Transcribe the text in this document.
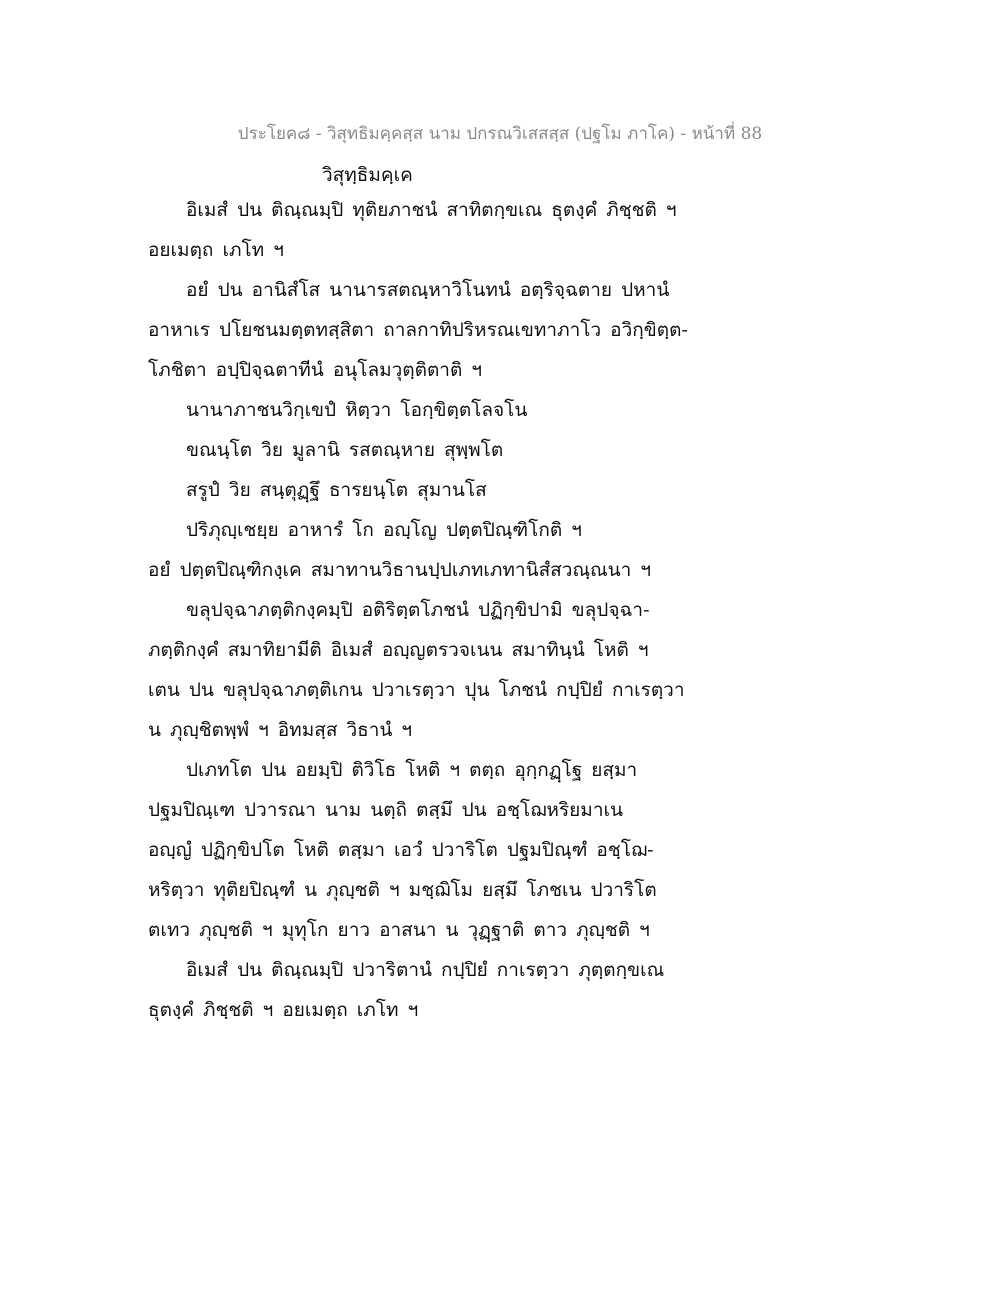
ประโยค๘ - วิสุทธิมคฺคสฺส นาม ปกรณวิเสสสฺส (ปฐโม ภาโค) - หน้าที่ 88
วิสุทฺธิมคฺเค
อิเมสํ ปน ติณฺณมฺปิ ทุติยภาชนํ สาทิตกฺขเณ ธุตงฺคํ ภิชฺชติ ฯ
อยเมตฺถ เภโท ฯ
อยํ ปน อานิสํโส นานารสตณฺหาวิโนทนํ อตฺริจฺฉตาย ปหานํ
อาหาเร ปโยชนมตฺตทสฺสิตา ถาลกาทิปริหรณเขทาภาโว อวิกฺขิตฺต-
โภชิตา อปฺปิจฺฉตาทีนํ อนุโลมวุตฺติตาติ ฯ
นานาภาชนวิกฺเขปํ หิตฺวา โอกฺขิตฺตโลจโน
ขณนฺโต วิย มูลานิ รสตณฺหาย สุพฺพโต
สรูปํ วิย สนฺตุฏฺฐึ ธารยนฺโต สุมานโส
ปริภุญฺเชยฺย อาหารํ โก อญฺโญ ปตฺตปิณฺฑิโกติ ฯ
อยํ ปตฺตปิณฺฑิกงฺเค สมาทานวิธานปฺปเภทเภทานิสํสวณฺณนา ฯ
ขลุปจฺฉาภตฺติกงฺคมฺปิ อติริตฺตโภชนํ ปฏิกฺขิปามิ ขลุปจฺฉา-
ภตฺติกงฺคํ สมาทิยามีติ อิเมสํ อญฺญตรวจเนน สมาทินฺนํ โหติ ฯ
เตน ปน ขลุปจฺฉาภตฺติเกน ปวาเรตฺวา ปุน โภชนํ กปฺปิยํ กาเรตฺวา
น ภุญฺชิตพฺพํ ฯ อิทมสฺส วิธานํ ฯ
ปเภทโต ปน อยมฺปิ ติวิโธ โหติ ฯ ตตฺถ อุกฺกฏฺโฐ ยสฺมา
ปฐมปิณฺเฑ ปวารณา นาม นตฺถิ ตสฺมึ ปน อชฺโฌหริยมาเน
อญฺญํ ปฏิกฺขิปโต โหติ ตสฺมา เอวํ ปวาริโต ปฐมปิณฺฑํ อชฺโฌ-
หริตฺวา ทุติยปิณฺฑํ น ภุญฺชติ ฯ มชฺฌิโม ยสฺมึ โภชเน ปวาริโต
ตเทว ภุญฺชติ ฯ มุทุโก ยาว อาสนา น วุฏฺฐาติ ตาว ภุญฺชติ ฯ
อิเมสํ ปน ติณฺณมฺปิ ปวาริตานํ กปฺปิยํ กาเรตฺวา ภุตฺตกฺขเณ
ธุตงฺคํ ภิชฺชติ ฯ อยเมตฺถ เภโท ฯ
